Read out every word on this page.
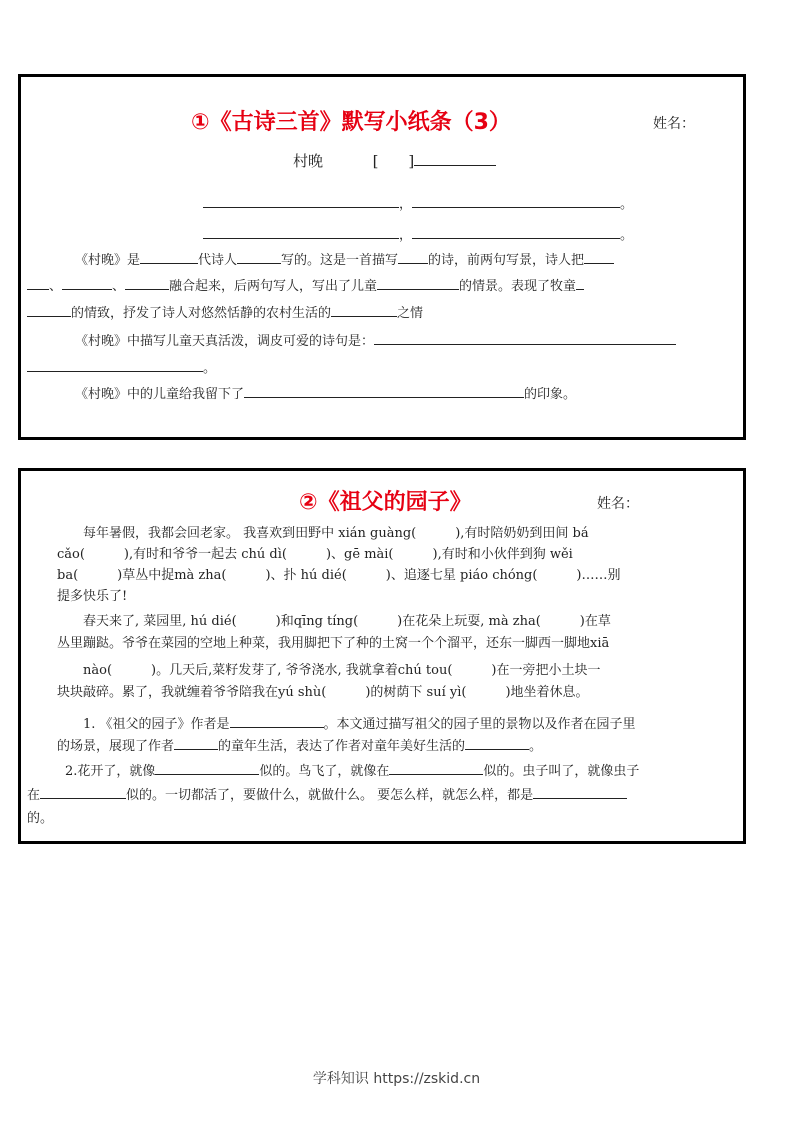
①《古诗三首》默写小纸条（3）	姓名：
村晚	[　　]
，	。
，	。
《村晚》是	代诗人	写的。这是一首描写 的诗，前两句写景，诗人把
、	、	融合起来，后两句写人，写出了儿童	的情景。表现了牧童
的情致，抒发了诗人对悠然恬静的农村生活的	之情
《村晚》中描写儿童天真活泼，调皮可爱的诗句是：
。
《村晚》中的儿童给我留下了	的印象。
②《祖父的园子》	姓名：
每年暑假，我都会回老家。 我喜欢到田野中 xián guàng(　　　),有时陪奶奶到田间 bá
cǎo(　　　),有时和爷爷一起去 chú dì(　　　)、gē mài(　　　),有时和小伙伴到狗 wěi
ba(　　　)草丛中捉mà zha(　　　)、扑 hú dié(　　　)、追逐七星 piáo chóng(　　　)……别
提多快乐了!
春天来了, 菜园里, hú dié(　　　)和qīng tíng(　　　)在花朵上玩耍, mà zha(　　　)在草
丛里蹦跶。爷爷在菜园的空地上种菜，我用脚把下了种的土窝一个个溜平，还东一脚西一脚地xiā
nào(　　　)。几天后,菜籽发芽了, 爷爷浇水, 我就拿着chú tou(　　　)在一旁把小土块一
块块敲碎。累了，我就缠着爷爷陪我在yú shù(　　　)的树荫下 suí yì(　　　)地坐着休息。
1. 《祖父的园子》作者是	。本文通过描写祖父的园子里的景物以及作者在园子里
的场景，展现了作者	的童年生活，表达了作者对童年美好生活的	。
2.花开了，就像	似的。鸟飞了，就像在	似的。虫子叫了，就像虫子
在	似的。一切都活了，要做什么，就做什么。 要怎么样，就怎么样，都是
的。
学科知识 https://zskid.cn
